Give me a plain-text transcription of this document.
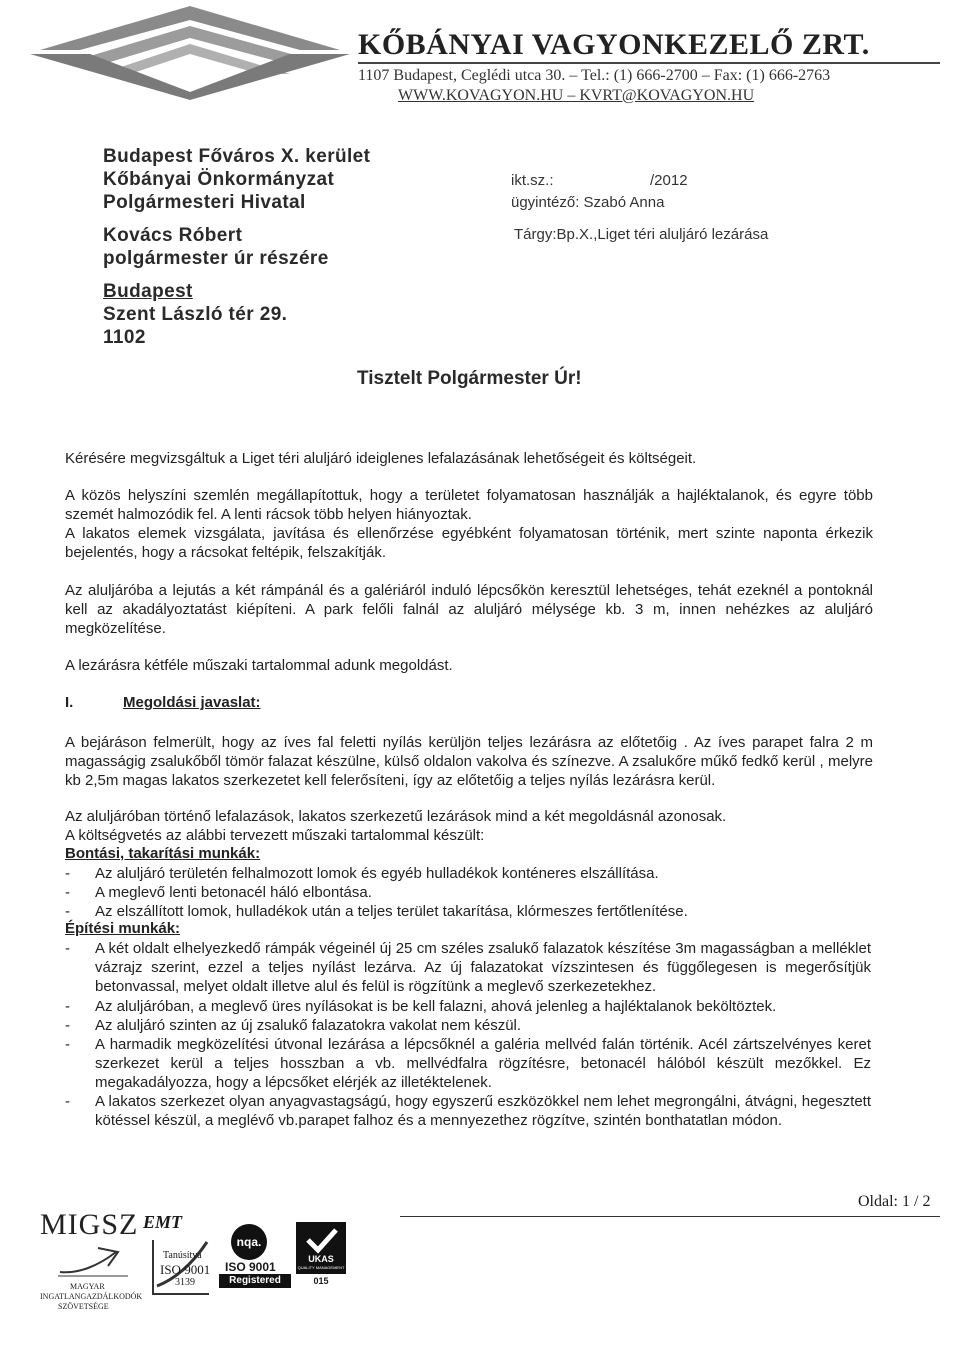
KŐBÁNYAI VAGYONKEZELŐ ZRT.
1107 Budapest, Ceglédi utca 30. – Tel.: (1) 666-2700 – Fax: (1) 666-2763
WWW.KOVAGYON.HU – KVRT@KOVAGYON.HU
Budapest Főváros X. kerület
Kőbányai Önkormányzat
Polgármesteri Hivatal
Kovács Róbert
polgármester úr részére
Budapest
Szent László tér 29.
1102
ikt.sz.:	/2012
ügyintéző: Szabó Anna
Tárgy:Bp.X.,Liget téri aluljáró lezárása
Tisztelt Polgármester Úr!
Kérésére megvizsgáltuk a Liget téri aluljáró ideiglenes lefalazásának lehetőségeit és költségeit.
A közös helyszíni szemlén megállapítottuk, hogy a területet folyamatosan használják a hajléktalanok, és egyre több szemét halmozódik fel. A lenti rácsok több helyen hiányoztak.
A lakatos elemek vizsgálata, javítása és ellenőrzése egyébként folyamatosan történik, mert szinte naponta érkezik bejelentés, hogy a rácsokat feltépik, felszakítják.
Az aluljáróba a lejutás a két rámpánál és a galériáról induló lépcsőkön keresztül lehetséges, tehát ezeknél a pontoknál kell az akadályoztatást kiépíteni. A park felőli falnál az aluljáró mélysége kb. 3 m, innen nehézkes az aluljáró megközelítése.
A lezárásra kétféle műszaki tartalommal adunk megoldást.
I.	Megoldási javaslat:
A bejáráson felmerült, hogy az íves fal feletti nyílás kerüljön teljes lezárásra az előtetőig . Az íves parapet falra 2 m magasságig zsalukőből tömör falazat készülne, külső oldalon vakolva és színezve. A zsalukőre műkő fedkő kerül , melyre kb 2,5m magas lakatos szerkezetet kell felerősíteni, így az előtetőig a teljes nyílás lezárásra kerül.
Az aluljáróban történő lefalazások, lakatos szerkezetű lezárások mind a két megoldásnál azonosak.
A költségvetés az alábbi tervezett műszaki tartalommal készült:
Bontási, takarítási munkák:
- Az aluljáró területén felhalmozott lomok és egyéb hulladékok konténeres elszállítása.
- A meglevő lenti betonacél háló elbontása.
- Az elszállított lomok, hulladékok után a teljes terület takarítása, klórmeszes fertőtlenítése.
Építési munkák:
- A két oldalt elhelyezkedő rámpák végeinél új 25 cm széles zsalukő falazatok készítése 3m magasságban a melléklet vázrajz szerint, ezzel a teljes nyílást lezárva. Az új falazatokat vízszintesen és függőlegesen is megerősítjük betonvassal, melyet oldalt illetve alul és felül is rögzítünk a meglevő szerkezetekhez.
- Az aluljáróban, a meglevő üres nyílásokat is be kell falazni, ahová jelenleg a hajléktalanok beköltöztek.
- Az aluljáró szinten az új zsalukő falazatokra vakolat nem készül.
- A harmadik megközelítési útvonal lezárása a lépcsőknél a galéria mellvéd falán történik. Acél zártszelvényes keret szerkezet kerül a teljes hosszban a vb. mellvédfalra rögzítésre, betonacél hálóból készült mezőkkel. Ez megakadályozza, hogy a lépcsőket elérjék az illetéktelenek.
- A lakatos szerkezet olyan anyagvastagságú, hogy egyszerű eszközökkel nem lehet megrongálni, átvágni, hegesztett kötéssel készül, a meglévő vb.parapet falhoz és a mennyezethez rögzítve, szintén bonthatatlan módon.
Oldal: 1 / 2
MIGSZ
MAGYAR
INGATLANGAZDÁLKODÓK
SZÖVETSÉGE
EMT
Tanúsítva
ISO 9001
3139
nqa.
ISO 9001
Registered
UKAS
QUALITY MANAGEMENT
015
